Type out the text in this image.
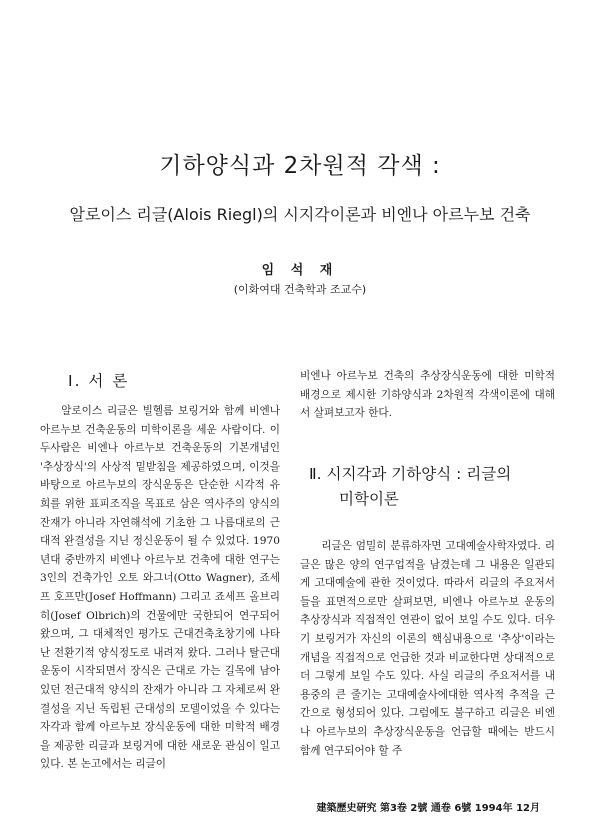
기하양식과 2차원적 각색 :
알로이스 리글(Alois Riegl)의 시지각이론과 비엔나 아르누보 건축
임 석 재
(이화여대 건축학과 조교수)
Ⅰ. 서 론

알로이스 리글은 빌헬름 보링거와 함께 비엔나 아르누보 건축운동의 미학이론을 세운 사람이다. 이 두사람은 비엔나 아르누보 건축운동의 기본개념인 '추상장식'의 사상적 밑받침을 제공하였으며, 이것을 바탕으로 아르누보의 장식운동은 단순한 시각적 유희를 위한 표피조직을 목표로 삼은 역사주의 양식의 잔재가 아니라 자연해석에 기초한 그 나름대로의 근대적 완결성을 지닌 정신운동이 될 수 있었다. 1970년대 중반까지 비엔나 아르누보 건축에 대한 연구는 3인의 건축가인 오토 와그너(Otto Wagner), 죠세프 호프만(Josef Hoffmann) 그리고 죠세프 올브리히(Josef Olbrich)의 건물에만 국한되어 연구되어 왔으며, 그 대체적인 평가도 근대건축초창기에 나타난 전환기적 양식정도로 내려져 왔다. 그러나 탈근대운동이 시작되면서 장식은 근대로 가는 길목에 남아 있던 전근대적 양식의 잔재가 아니라 그 자체로써 완결성을 지닌 독립된 근대성의 모델이었을 수 있다는 자각과 함께 아르누보 장식운동에 대한 미학적 배경을 제공한 리글과 보링거에 대한 새로운 관심이 일고 있다. 본 논고에서는 리글이

비엔나 아르누보 건축의 추상장식운동에 대한 미학적 배경으로 제시한 기하양식과 2차원적 각색이론에 대해서 살펴보고자 한다.

Ⅱ. 시지각과 기하양식 : 리글의
미학이론

리글은 엄밀히 분류하자면 고대예술사학자였다. 리글은 많은 양의 연구업적을 남겼는데 그 내용은 일관되게 고대예술에 관한 것이었다. 따라서 리글의 주요저서들을 표면적으로만 살펴보면, 비엔나 아르누보 운동의 추상장식과 직접적인 연관이 없어 보일 수도 있다. 더우기 보링거가 자신의 이론의 핵심내용으로 '추상'이라는 개념을 직접적으로 언급한 것과 비교한다면 상대적으로 더 그렇게 보일 수도 있다. 사실 리글의 주요저서를 내용중의 큰 줄기는 고대예술사에대한 역사적 추적을 근간으로 형성되어 있다. 그럼에도 불구하고 리글은 비엔나 아르누보의 추상장식운동을 언급할 때에는 반드시 함께 연구되어야 할 주

建築歷史硏究 第3卷 2號 通卷 6號 1994年 12月
